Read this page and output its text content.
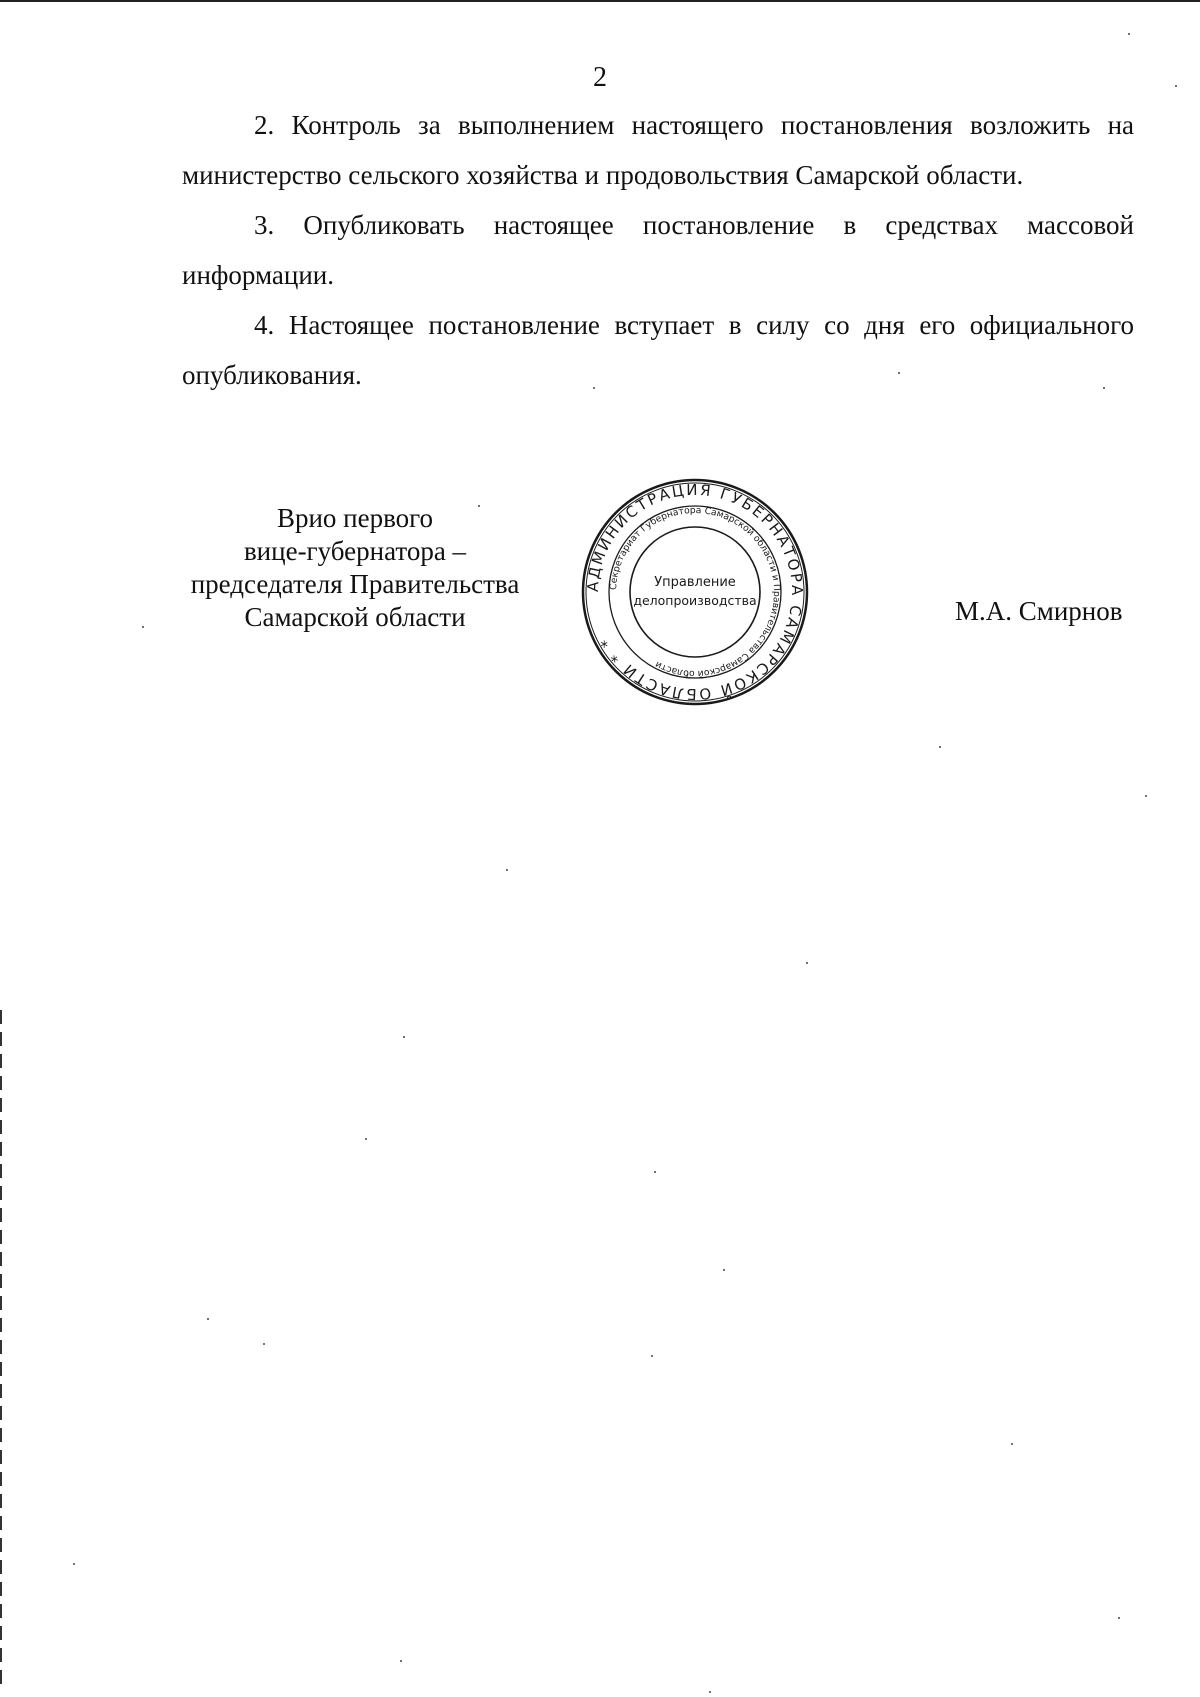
2

2. Контроль за выполнением настоящего постановления возложить на министерство сельского хозяйства и продовольствия Самарской области.

3. Опубликовать настоящее постановление в средствах массовой информации.

4. Настоящее постановление вступает в силу со дня его официального опубликования.

Врио первого
вице-губернатора –
председателя Правительства
Самарской области
АДМИНИСТРАЦИЯ ГУБЕРНАТОРА САМАРСКОЙ ОБЛАСТИ * *
Секретариат Губернатора Самарской области и Правительства Самарской области
Управление
делопроизводства	М.А. Смирнов
